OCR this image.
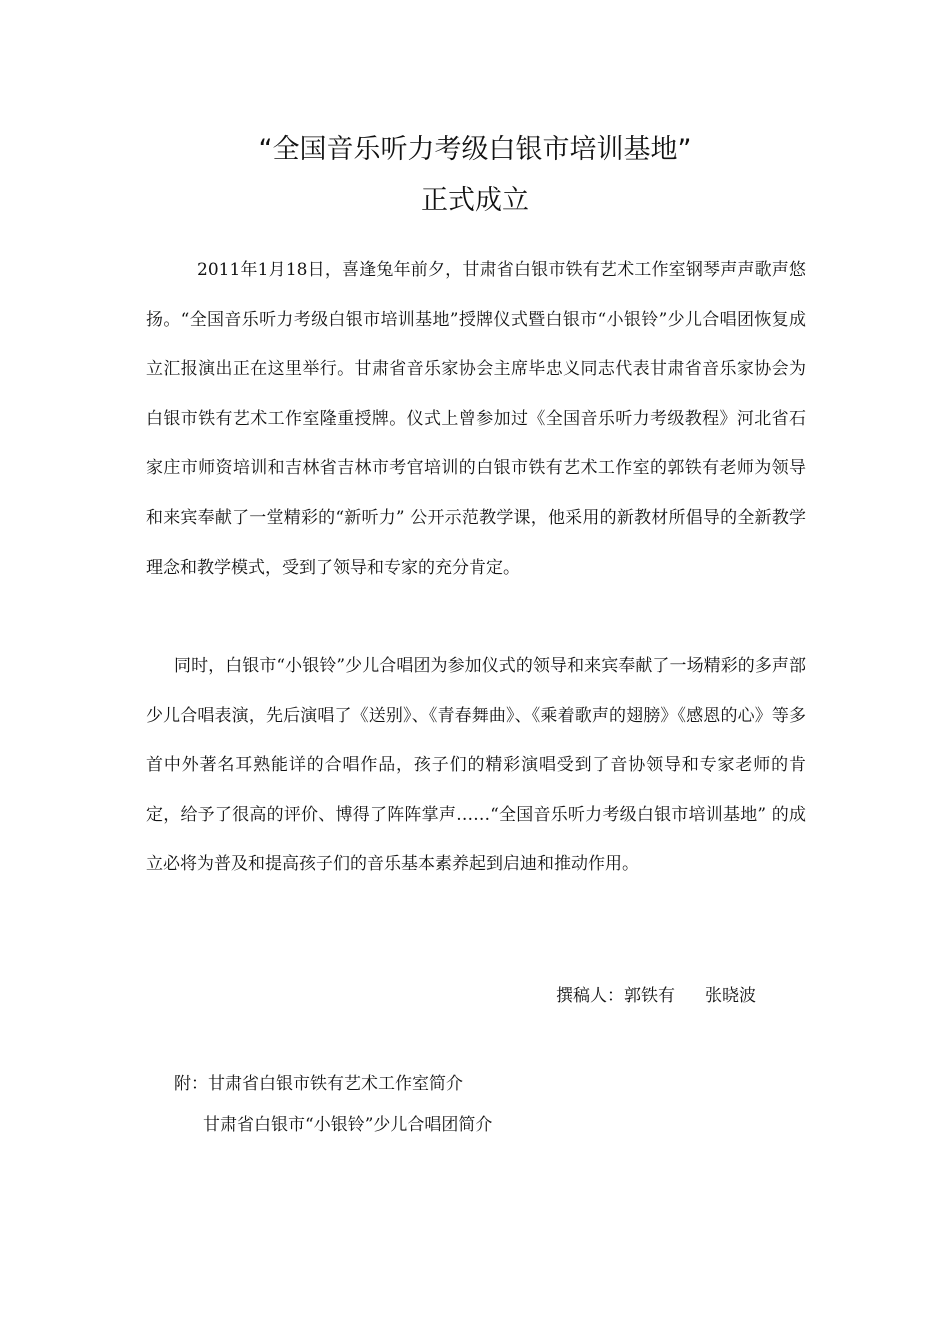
“全国音乐听力考级白银市培训基地”
正式成立

2011年1月18日，喜逢兔年前夕，甘肃省白银市铁有艺术工作室钢琴声声歌声悠扬。“全国音乐听力考级白银市培训基地”授牌仪式暨白银市“小银铃”少儿合唱团恢复成立汇报演出正在这里举行。甘肃省音乐家协会主席毕忠义同志代表甘肃省音乐家协会为白银市铁有艺术工作室隆重授牌。仪式上曾参加过《全国音乐听力考级教程》河北省石家庄市师资培训和吉林省吉林市考官培训的白银市铁有艺术工作室的郭铁有老师为领导和来宾奉献了一堂精彩的“新听力” 公开示范教学课，他采用的新教材所倡导的全新教学理念和教学模式，受到了领导和专家的充分肯定。

同时，白银市“小银铃”少儿合唱团为参加仪式的领导和来宾奉献了一场精彩的多声部少儿合唱表演，先后演唱了《送别》、《青春舞曲》、《乘着歌声的翅膀》《感恩的心》等多首中外著名耳熟能详的合唱作品，孩子们的精彩演唱受到了音协领导和专家老师的肯定，给予了很高的评价、博得了阵阵掌声……“全国音乐听力考级白银市培训基地” 的成立必将为普及和提高孩子们的音乐基本素养起到启迪和推动作用。

撰稿人：郭铁有 张晓波

附：甘肃省白银市铁有艺术工作室简介

甘肃省白银市“小银铃”少儿合唱团简介
